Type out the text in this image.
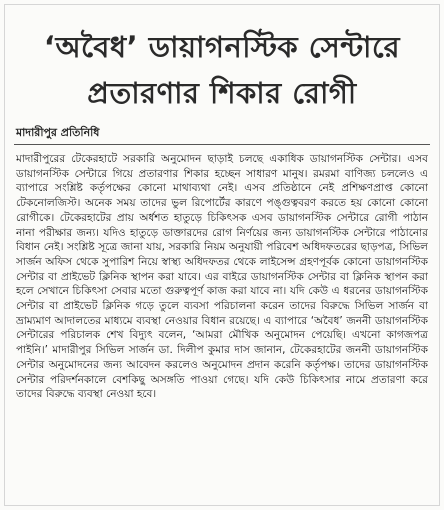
‘অবৈধ’ ডায়াগনস্টিক সেন্টারে
প্রতারণার শিকার রোগী
মাদারীপুর প্রতিনিধি

মাদারীপুরের টেকেরহাটে সরকারি অনুমোদন ছাড়াই চলছে একাধিক ডায়াগনস্টিক সেন্টার। এসব ডায়াগনস্টিক সেন্টারে গিয়ে প্রতারণার শিকার হচ্ছেন সাধারণ মানুষ। রমরমা বাণিজ্য চললেও এ ব্যাপারে সংশ্লিষ্ট কর্তৃপক্ষের কোনো মাথাব্যথা নেই। এসব প্রতিষ্ঠানে নেই প্রশিক্ষণপ্রাপ্ত কোনো টেকনোলজিস্ট। অনেক সময় তাদের ভুল রিপোর্টের কারণে পঙ্গুত্ববরণ করতে হয় কোনো কোনো রোগীকে। টেকেরহাটের প্রায় অর্ধশত হাতুড়ে চিকিৎসক এসব ডায়াগনস্টিক সেন্টারে রোগী পাঠান নানা পরীক্ষার জন্য। যদিও হাতুড়ে ডাক্তারদের রোগ নির্ণয়ের জন্য ডায়াগনস্টিক সেন্টারে পাঠানোর বিধান নেই। সংশ্লিষ্ট সূত্রে জানা যায়, সরকারি নিয়ম অনুযায়ী পরিবেশ অধিদফতরের ছাড়পত্র, সিভিল সার্জন অফিস থেকে সুপারিশ নিয়ে স্বাস্থ্য অধিদফতর থেকে লাইসেন্স গ্রহণপূর্বক কোনো ডায়াগনস্টিক সেন্টার বা প্রাইভেট ক্লিনিক স্থাপন করা যাবে। এর বাইরে ডায়াগনস্টিক সেন্টার বা ক্লিনিক স্থাপন করা হলে সেখানে চিকিৎসা সেবার মতো গুরুত্বপূর্ণ কাজ করা যাবে না। যদি কেউ এ ধরনের ডায়াগনস্টিক সেন্টার বা প্রাইভেট ক্লিনিক গড়ে তুলে ব্যবসা পরিচালনা করেন তাদের বিরুদ্ধে সিভিল সার্জন বা ভ্রাম্যমাণ আদালতের মাধ্যমে ব্যবস্থা নেওয়ার বিধান রয়েছে। এ ব্যাপারে ‘অবৈধ’ জননী ডায়াগনস্টিক সেন্টারের পরিচালক শেখ বিদ্যুৎ বলেন, ‘আমরা মৌখিক অনুমোদন পেয়েছি। এখনো কাগজপত্র পাইনি।’ মাদারীপুর সিভিল সার্জন ডা. দিলীপ কুমার দাস জানান, টেকেরহাটের জননী ডায়াগনস্টিক সেন্টার অনুমোদনের জন্য আবেদন করলেও অনুমোদন প্রদান করেনি কর্তৃপক্ষ। তাদের ডায়াগনস্টিক সেন্টার পরিদর্শনকালে বেশকিছু অসঙ্গতি পাওয়া গেছে। যদি কেউ চিকিৎসার নামে প্রতারণা করে তাদের বিরুদ্ধে ব্যবস্থা নেওয়া হবে।
